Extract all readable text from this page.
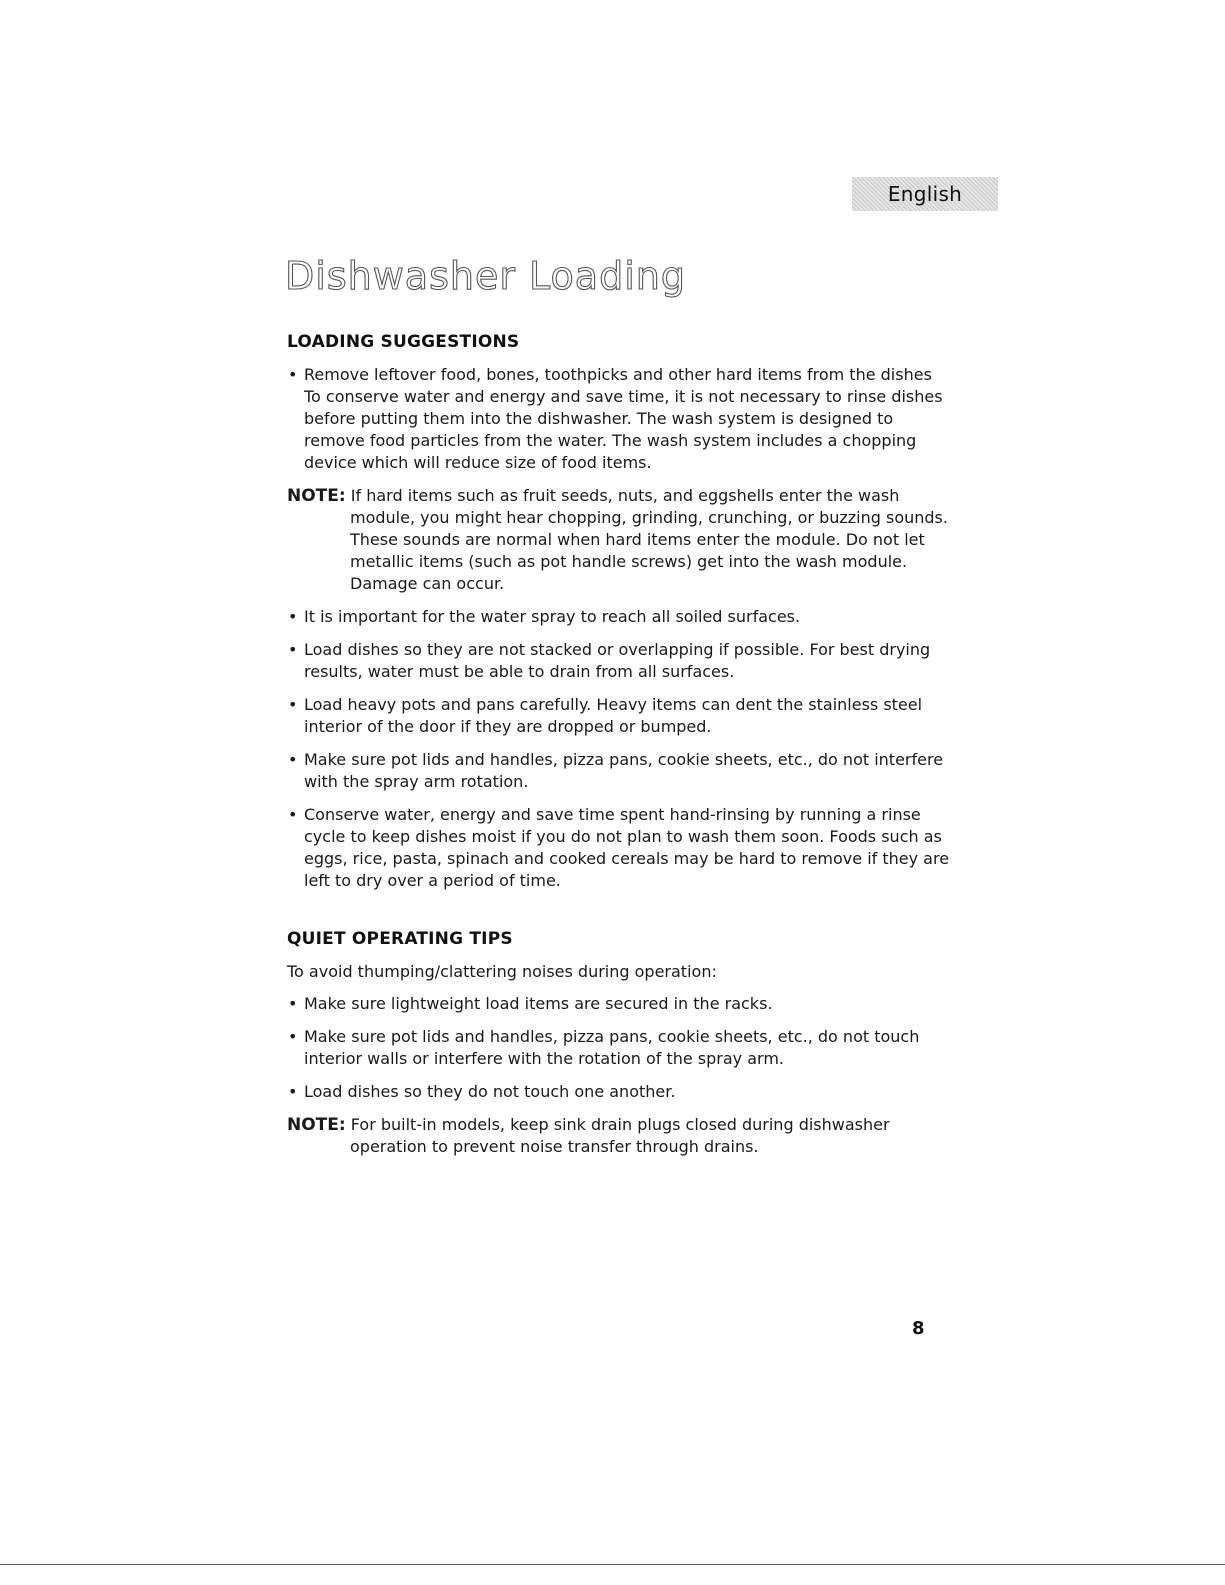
English
Dishwasher Loading
LOADING SUGGESTIONS
• Remove leftover food, bones, toothpicks and other hard items from the dishes
To conserve water and energy and save time, it is not necessary to rinse dishes before putting them into the dishwasher. The wash system is designed to remove food particles from the water. The wash system includes a chopping device which will reduce size of food items.
NOTE: If hard items such as fruit seeds, nuts, and eggshells enter the wash
module, you might hear chopping, grinding, crunching, or buzzing sounds. These sounds are normal when hard items enter the module. Do not let metallic items (such as pot handle screws) get into the wash module. Damage can occur.
• It is important for the water spray to reach all soiled surfaces.
• Load dishes so they are not stacked or overlapping if possible. For best drying results, water must be able to drain from all surfaces.
• Load heavy pots and pans carefully. Heavy items can dent the stainless steel interior of the door if they are dropped or bumped.
• Make sure pot lids and handles, pizza pans, cookie sheets, etc., do not interfere with the spray arm rotation.
• Conserve water, energy and save time spent hand-rinsing by running a rinse cycle to keep dishes moist if you do not plan to wash them soon. Foods such as eggs, rice, pasta, spinach and cooked cereals may be hard to remove if they are left to dry over a period of time.
QUIET OPERATING TIPS

To avoid thumping/clattering noises during operation:

• Make sure lightweight load items are secured in the racks.
• Make sure pot lids and handles, pizza pans, cookie sheets, etc., do not touch interior walls or interfere with the rotation of the spray arm.
• Load dishes so they do not touch one another.
NOTE: For built-in models, keep sink drain plugs closed during dishwasher
operation to prevent noise transfer through drains.
8
